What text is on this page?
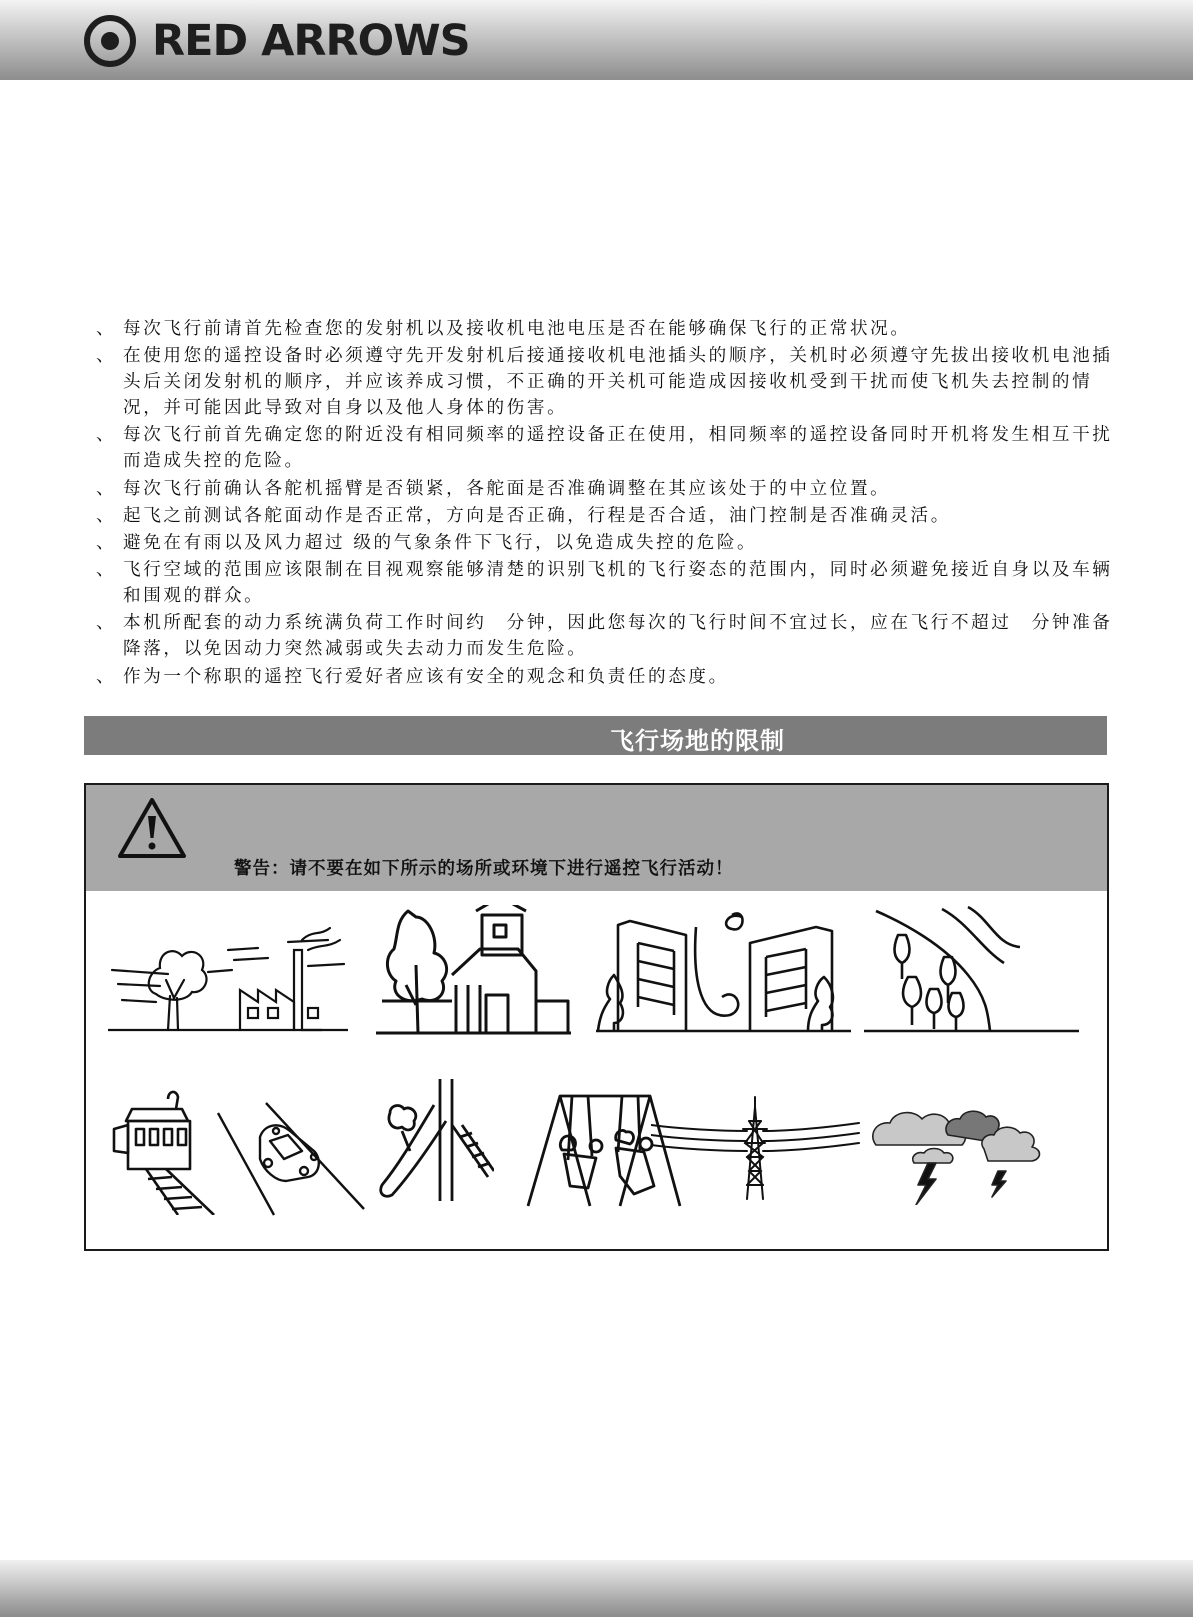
RED ARROWS
、 每次飞行前请首先检查您的发射机以及接收机电池电压是否在能够确保飞行的正常状况。
、 在使用您的遥控设备时必须遵守先开发射机后接通接收机电池插头的顺序，关机时必须遵守先拔出接收机电池插头后关闭发射机的顺序，并应该养成习惯，不正确的开关机可能造成因接收机受到干扰而使飞机失去控制的情况，并可能因此导致对自身以及他人身体的伤害。
、 每次飞行前首先确定您的附近没有相同频率的遥控设备正在使用，相同频率的遥控设备同时开机将发生相互干扰而造成失控的危险。
、 每次飞行前确认各舵机摇臂是否锁紧，各舵面是否准确调整在其应该处于的中立位置。
、 起飞之前测试各舵面动作是否正常，方向是否正确，行程是否合适，油门控制是否准确灵活。
、 避免在有雨以及风力超过 级的气象条件下飞行，以免造成失控的危险。
、 飞行空域的范围应该限制在目视观察能够清楚的识别飞机的飞行姿态的范围内，同时必须避免接近自身以及车辆和围观的群众。
、 本机所配套的动力系统满负荷工作时间约　分钟，因此您每次的飞行时间不宜过长，应在飞行不超过　分钟准备降落，以免因动力突然减弱或失去动力而发生危险。
、 作为一个称职的遥控飞行爱好者应该有安全的观念和负责任的态度。
飞行场地的限制
警告：请不要在如下所示的场所或环境下进行遥控飞行活动！
